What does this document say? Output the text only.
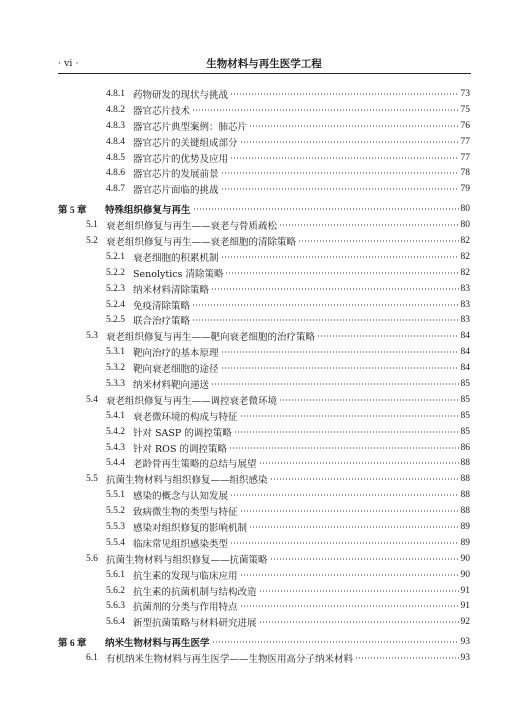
· vi ·	生物材料与再生医学工程
4.8.1 药物研发的现状与挑战	73
4.8.2 器官芯片技术	75
4.8.3 器官芯片典型案例：肺芯片	76
4.8.4 器官芯片的关键组成部分	77
4.8.5 器官芯片的优势及应用	77
4.8.6 器官芯片的发展前景	78
4.8.7 器官芯片面临的挑战	79
第 5 章	特殊组织修复与再生	80
5.1 衰老组织修复与再生——衰老与骨质疏松	80
5.2 衰老组织修复与再生——衰老细胞的清除策略	82
5.2.1 衰老细胞的积累机制	82
5.2.2 Senolytics 清除策略	82
5.2.3 纳米材料清除策略	83
5.2.4 免疫清除策略	83
5.2.5 联合治疗策略	83
5.3 衰老组织修复与再生——靶向衰老细胞的治疗策略	84
5.3.1 靶向治疗的基本原理	84
5.3.2 靶向衰老细胞的途径	84
5.3.3 纳米材料靶向递送	85
5.4 衰老组织修复与再生——调控衰老微环境	85
5.4.1 衰老微环境的构成与特征	85
5.4.2 针对 SASP 的调控策略	85
5.4.3 针对 ROS 的调控策略	86
5.4.4 老龄骨再生策略的总结与展望	88
5.5 抗菌生物材料与组织修复——组织感染	88
5.5.1 感染的概念与认知发展	88
5.5.2 致病微生物的类型与特征	88
5.5.3 感染对组织修复的影响机制	89
5.5.4 临床常见组织感染类型	89
5.6 抗菌生物材料与组织修复——抗菌策略	90
5.6.1 抗生素的发现与临床应用	90
5.6.2 抗生素的抗菌机制与结构改造	91
5.6.3 抗菌剂的分类与作用特点	91
5.6.4 新型抗菌策略与材料研究进展	92
第 6 章	纳米生物材料与再生医学	93
6.1 有机纳米生物材料与再生医学——生物医用高分子纳米材料	93
